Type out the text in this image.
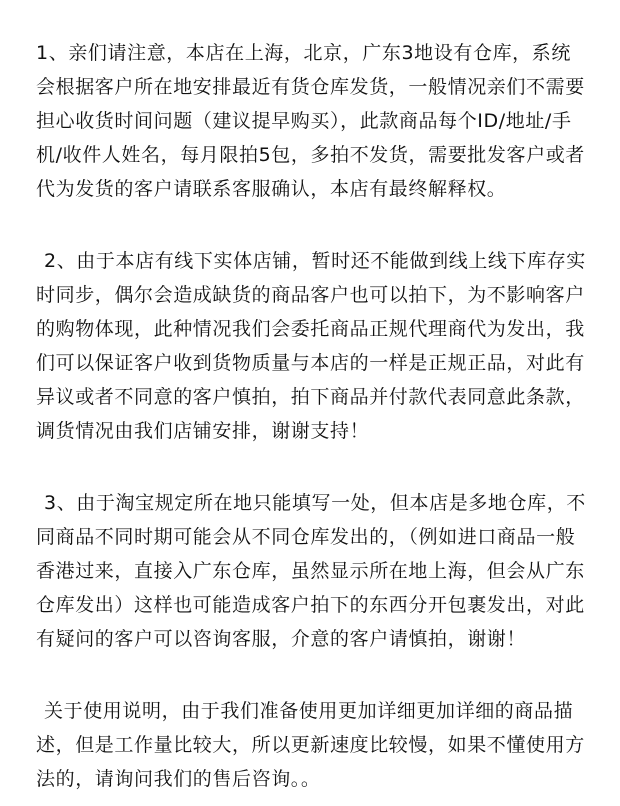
1、亲们请注意，本店在上海，北京，广东3地设有仓库，系统会根据客户所在地安排最近有货仓库发货，一般情况亲们不需要担心收货时间问题（建议提早购买），此款商品每个ID/地址/手机/收件人姓名，每月限拍5包，多拍不发货，需要批发客户或者代为发货的客户请联系客服确认，本店有最终解释权。

2、由于本店有线下实体店铺，暂时还不能做到线上线下库存实时同步，偶尔会造成缺货的商品客户也可以拍下，为不影响客户的购物体现，此种情况我们会委托商品正规代理商代为发出，我们可以保证客户收到货物质量与本店的一样是正规正品，对此有异议或者不同意的客户慎拍，拍下商品并付款代表同意此条款，调货情况由我们店铺安排，谢谢支持！

3、由于淘宝规定所在地只能填写一处，但本店是多地仓库，不同商品不同时期可能会从不同仓库发出的，（例如进口商品一般香港过来，直接入广东仓库，虽然显示所在地上海，但会从广东仓库发出）这样也可能造成客户拍下的东西分开包裹发出，对此有疑问的客户可以咨询客服，介意的客户请慎拍，谢谢！

关于使用说明，由于我们准备使用更加详细更加详细的商品描述，但是工作量比较大，所以更新速度比较慢，如果不懂使用方法的，请询问我们的售后咨询。。
